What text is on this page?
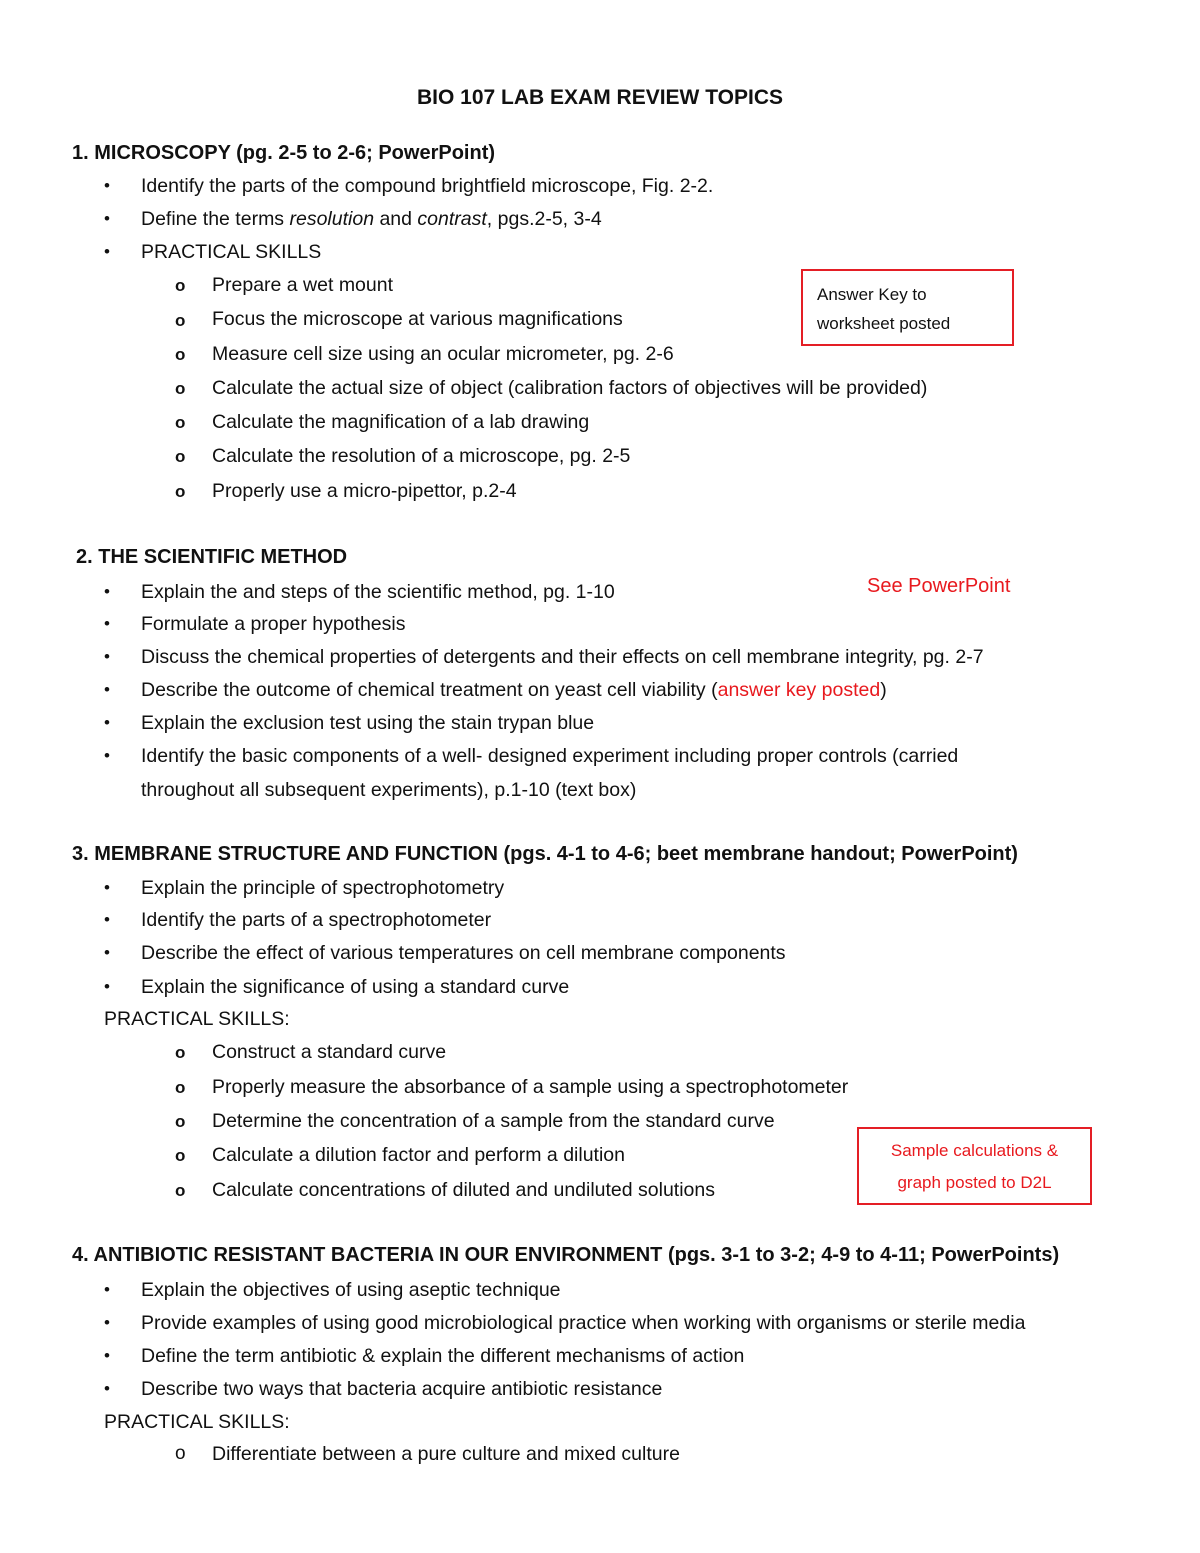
BIO 107 LAB EXAM REVIEW TOPICS
1. MICROSCOPY (pg. 2-5 to 2-6; PowerPoint)
• Identify the parts of the compound brightfield microscope, Fig. 2-2.
• Define the terms resolution and contrast, pgs.2-5, 3-4
• PRACTICAL SKILLS
o Prepare a wet mount
o Focus the microscope at various magnifications
o Measure cell size using an ocular micrometer, pg. 2-6
o Calculate the actual size of object (calibration factors of objectives will be provided)
o Calculate the magnification of a lab drawing
o Calculate the resolution of a microscope, pg. 2-5
o Properly use a micro-pipettor, p.2-4
Answer Key to
worksheet posted
2. THE SCIENTIFIC METHOD
See PowerPoint
• Explain the and steps of the scientific method, pg. 1-10
• Formulate a proper hypothesis
• Discuss the chemical properties of detergents and their effects on cell membrane integrity, pg. 2-7
• Describe the outcome of chemical treatment on yeast cell viability (answer key posted)
• Explain the exclusion test using the stain trypan blue
• Identify the basic components of a well- designed experiment including proper controls (carried
throughout all subsequent experiments), p.1-10 (text box)
3. MEMBRANE STRUCTURE AND FUNCTION (pgs. 4-1 to 4-6; beet membrane handout; PowerPoint)
• Explain the principle of spectrophotometry
• Identify the parts of a spectrophotometer
• Describe the effect of various temperatures on cell membrane components
• Explain the significance of using a standard curve
PRACTICAL SKILLS:
o Construct a standard curve
o Properly measure the absorbance of a sample using a spectrophotometer
o Determine the concentration of a sample from the standard curve
o Calculate a dilution factor and perform a dilution
o Calculate concentrations of diluted and undiluted solutions
Sample calculations &
graph posted to D2L
4. ANTIBIOTIC RESISTANT BACTERIA IN OUR ENVIRONMENT (pgs. 3-1 to 3-2; 4-9 to 4-11; PowerPoints)
• Explain the objectives of using aseptic technique
• Provide examples of using good microbiological practice when working with organisms or sterile media
• Define the term antibiotic & explain the different mechanisms of action
• Describe two ways that bacteria acquire antibiotic resistance
PRACTICAL SKILLS:
o Differentiate between a pure culture and mixed culture
